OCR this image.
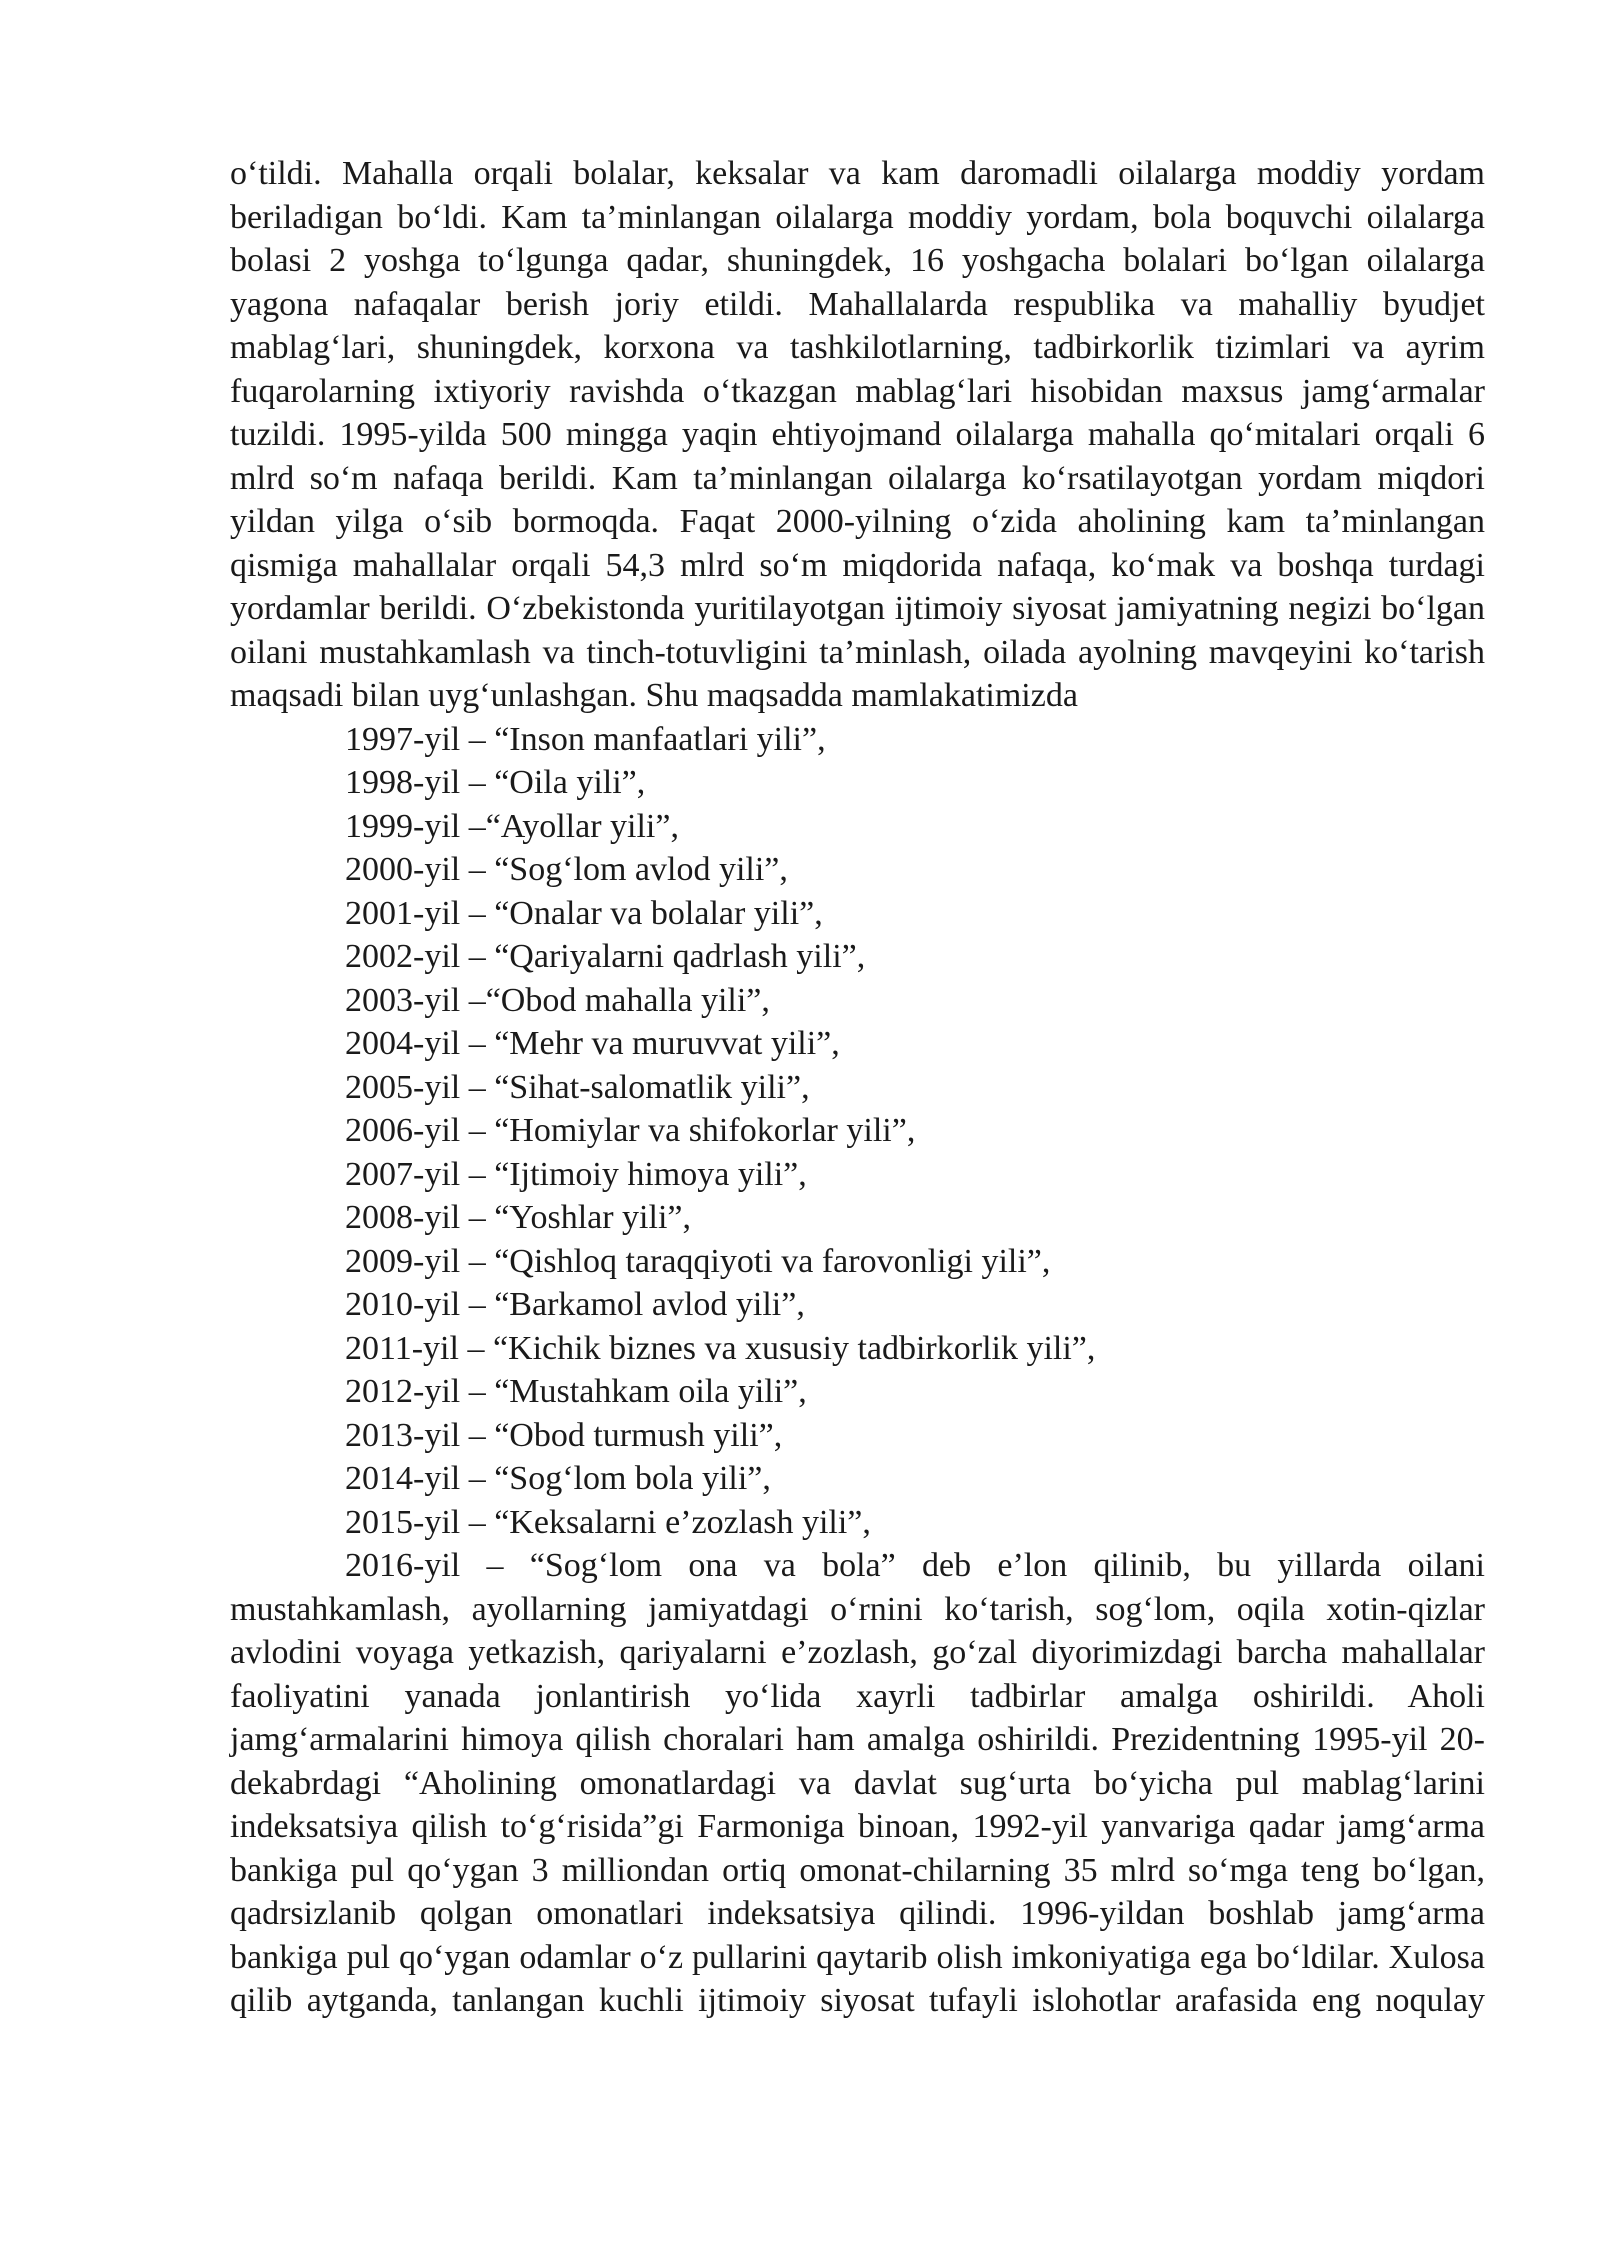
o‘tildi. Mahalla orqali bolalar, keksalar va kam daromadli oilalarga moddiy yordam beriladigan bo‘ldi. Kam ta’minlangan oilalarga moddiy yordam, bola boquvchi oilalarga bolasi 2 yoshga to‘lgunga qadar, shuningdek, 16 yoshgacha bolalari bo‘lgan oilalarga yagona nafaqalar berish joriy etildi. Mahallalarda respublika va mahalliy byudjet mablag‘lari, shuningdek, korxona va tashkilotlarning, tadbirkorlik tizimlari va ayrim fuqarolarning ixtiyoriy ravishda o‘tkazgan mablag‘lari hisobidan maxsus jamg‘armalar tuzildi. 1995-yilda 500 mingga yaqin ehtiyojmand oilalarga mahalla qo‘mitalari orqali 6 mlrd so‘m nafaqa berildi. Kam ta’minlangan oilalarga ko‘rsatilayotgan yordam miqdori yildan yilga o‘sib bormoqda. Faqat 2000-yilning o‘zida aholining kam ta’minlangan qismiga mahallalar orqali 54,3 mlrd so‘m miqdorida nafaqa, ko‘mak va boshqa turdagi yordamlar berildi. O‘zbekistonda yuritilayotgan ijtimoiy siyosat jamiyatning negizi bo‘lgan oilani mustahkamlash va tinch-totuvligini ta’minlash, oilada ayolning mavqeyini ko‘tarish maqsadi bilan uyg‘unlashgan. Shu maqsadda mamlakatimizda

1997-yil – “Inson manfaatlari yili”,
1998-yil – “Oila yili”,
1999-yil –“Ayollar yili”,
2000-yil – “Sog‘lom avlod yili”,
2001-yil – “Onalar va bolalar yili”,
2002-yil – “Qariyalarni qadrlash yili”,
2003-yil –“Obod mahalla yili”,
2004-yil – “Mehr va muruvvat yili”,
2005-yil – “Sihat-salomatlik yili”,
2006-yil – “Homiylar va shifokorlar yili”,
2007-yil – “Ijtimoiy himoya yili”,
2008-yil – “Yoshlar yili”,
2009-yil – “Qishloq taraqqiyoti va farovonligi yili”,
2010-yil – “Barkamol avlod yili”,
2011-yil – “Kichik biznes va xususiy tadbirkorlik yili”,
2012-yil – “Mustahkam oila yili”,
2013-yil – “Obod turmush yili”,
2014-yil – “Sog‘lom bola yili”,
2015-yil – “Keksalarni e’zozlash yili”,

2016-yil – “Sog‘lom ona va bola” deb e’lon qilinib, bu yillarda oilani mustahkamlash, ayollarning jamiyatdagi o‘rnini ko‘tarish, sog‘lom, oqila xotin-qizlar avlodini voyaga yetkazish, qariyalarni e’zozlash, go‘zal diyorimizdagi barcha mahallalar faoliyatini yanada jonlantirish yo‘lida xayrli tadbirlar amalga oshirildi. Aholi jamg‘armalarini himoya qilish choralari ham amalga oshirildi. Prezidentning 1995-yil 20-dekabrdagi “Aholining omonatlardagi va davlat sug‘urta bo‘yicha pul mablag‘larini indeksatsiya qilish to‘g‘risida”gi Farmoniga binoan, 1992-yil yanvariga qadar jamg‘arma bankiga pul qo‘ygan 3 milliondan ortiq omonat-chilarning 35 mlrd so‘mga teng bo‘lgan, qadrsizlanib qolgan omonatlari indeksatsiya qilindi. 1996-yildan boshlab jamg‘arma bankiga pul qo‘ygan odamlar o‘z pullarini qaytarib olish imkoniyatiga ega bo‘ldilar. Xulosa qilib aytganda, tanlangan kuchli ijtimoiy siyosat tufayli islohotlar arafasida eng noqulay
